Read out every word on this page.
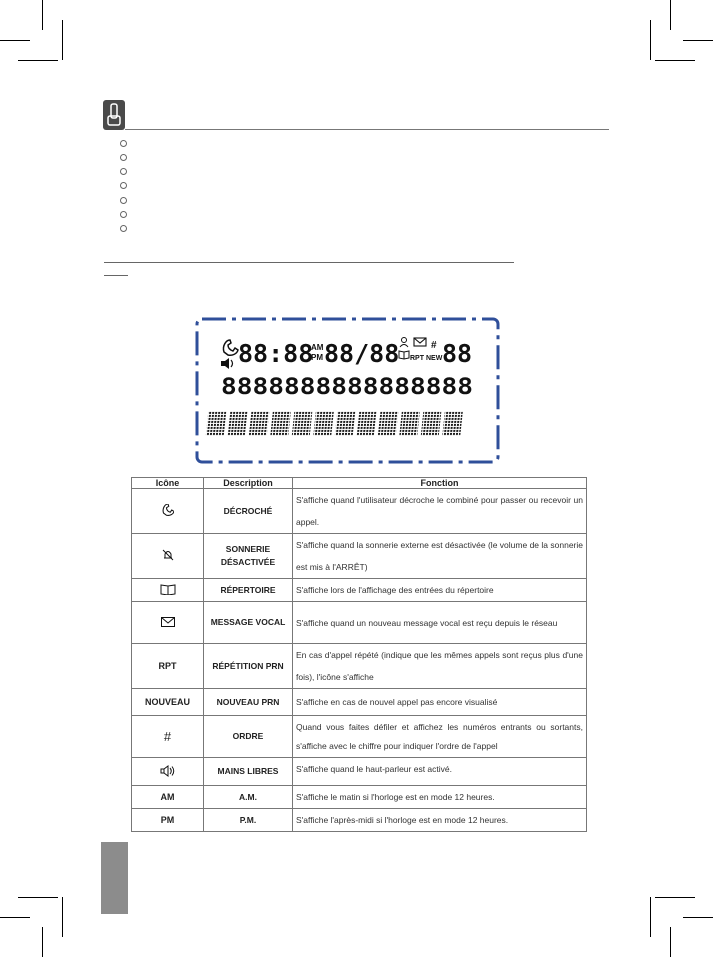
88:88
AM
PM 88/88	#
RPT NEW 88
8888888888888888
Icône	Description	Fonction
	DÉCROCHÉ	S'affiche quand l'utilisateur décroche le combiné pour passer ou recevoir un appel.
	SONNERIE DÉSACTIVÉE	S'affiche quand la sonnerie externe est désactivée (le volume de la sonnerie est mis à l'ARRÊT)
	RÉPERTOIRE	S'affiche lors de l'affichage des entrées du répertoire
	MESSAGE VOCAL	S'affiche quand un nouveau message vocal est reçu depuis le réseau
RPT	RÉPÉTITION PRN	En cas d'appel répété (indique que les mêmes appels sont reçus plus d'une fois), l'icône s'affiche
NOUVEAU	NOUVEAU PRN	S'affiche en cas de nouvel appel pas encore visualisé
#	ORDRE	Quand vous faites défiler et affichez les numéros entrants ou sortants, s'affiche avec le chiffre pour indiquer l'ordre de l'appel
	MAINS LIBRES	S'affiche quand le haut-parleur est activé.
AM	A.M.	S'affiche le matin si l'horloge est en mode 12 heures.
PM	P.M.	S'affiche l'après-midi si l'horloge est en mode 12 heures.
